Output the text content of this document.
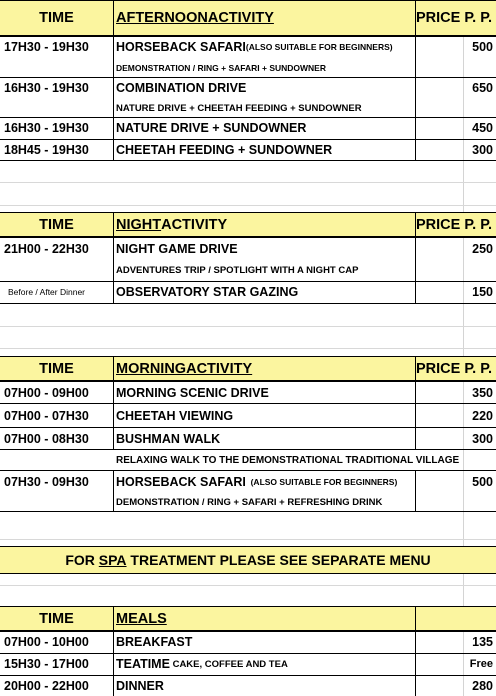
TIME	AFTERNOON ACTIVITY	PRICE P. P.
17H30 - 19H30	HORSEBACK SAFARI (ALSO SUITABLE FOR BEGINNERS)	500
DEMONSTRATION / RING + SAFARI + SUNDOWNER
16H30 - 19H30	COMBINATION DRIVE	650
NATURE DRIVE + CHEETAH FEEDING + SUNDOWNER
16H30 - 19H30	NATURE DRIVE + SUNDOWNER	450
18H45 - 19H30	CHEETAH FEEDING + SUNDOWNER	300
TIME	NIGHT ACTIVITY	PRICE P. P.
21H00 - 22H30	NIGHT GAME DRIVE	250
ADVENTURES TRIP / SPOTLIGHT WITH A NIGHT CAP
Before / After Dinner	OBSERVATORY STAR GAZING	150
TIME	MORNING ACTIVITY	PRICE P. P.
07H00 - 09H00	MORNING SCENIC DRIVE	350
07H00 - 07H30	CHEETAH VIEWING	220
07H00 - 08H30	BUSHMAN WALK	300
RELAXING WALK TO THE DEMONSTRATIONAL TRADITIONAL VILLAGE
07H30 - 09H30	HORSEBACK SAFARI (ALSO SUITABLE FOR BEGINNERS)	500
DEMONSTRATION / RING + SAFARI + REFRESHING DRINK
FOR SPA TREATMENT PLEASE SEE SEPARATE MENU
TIME	MEALS
07H00 - 10H00	BREAKFAST	135
15H30 - 17H00	TEATIME CAKE, COFFEE AND TEA	Free
20H00 - 22H00	DINNER	280
